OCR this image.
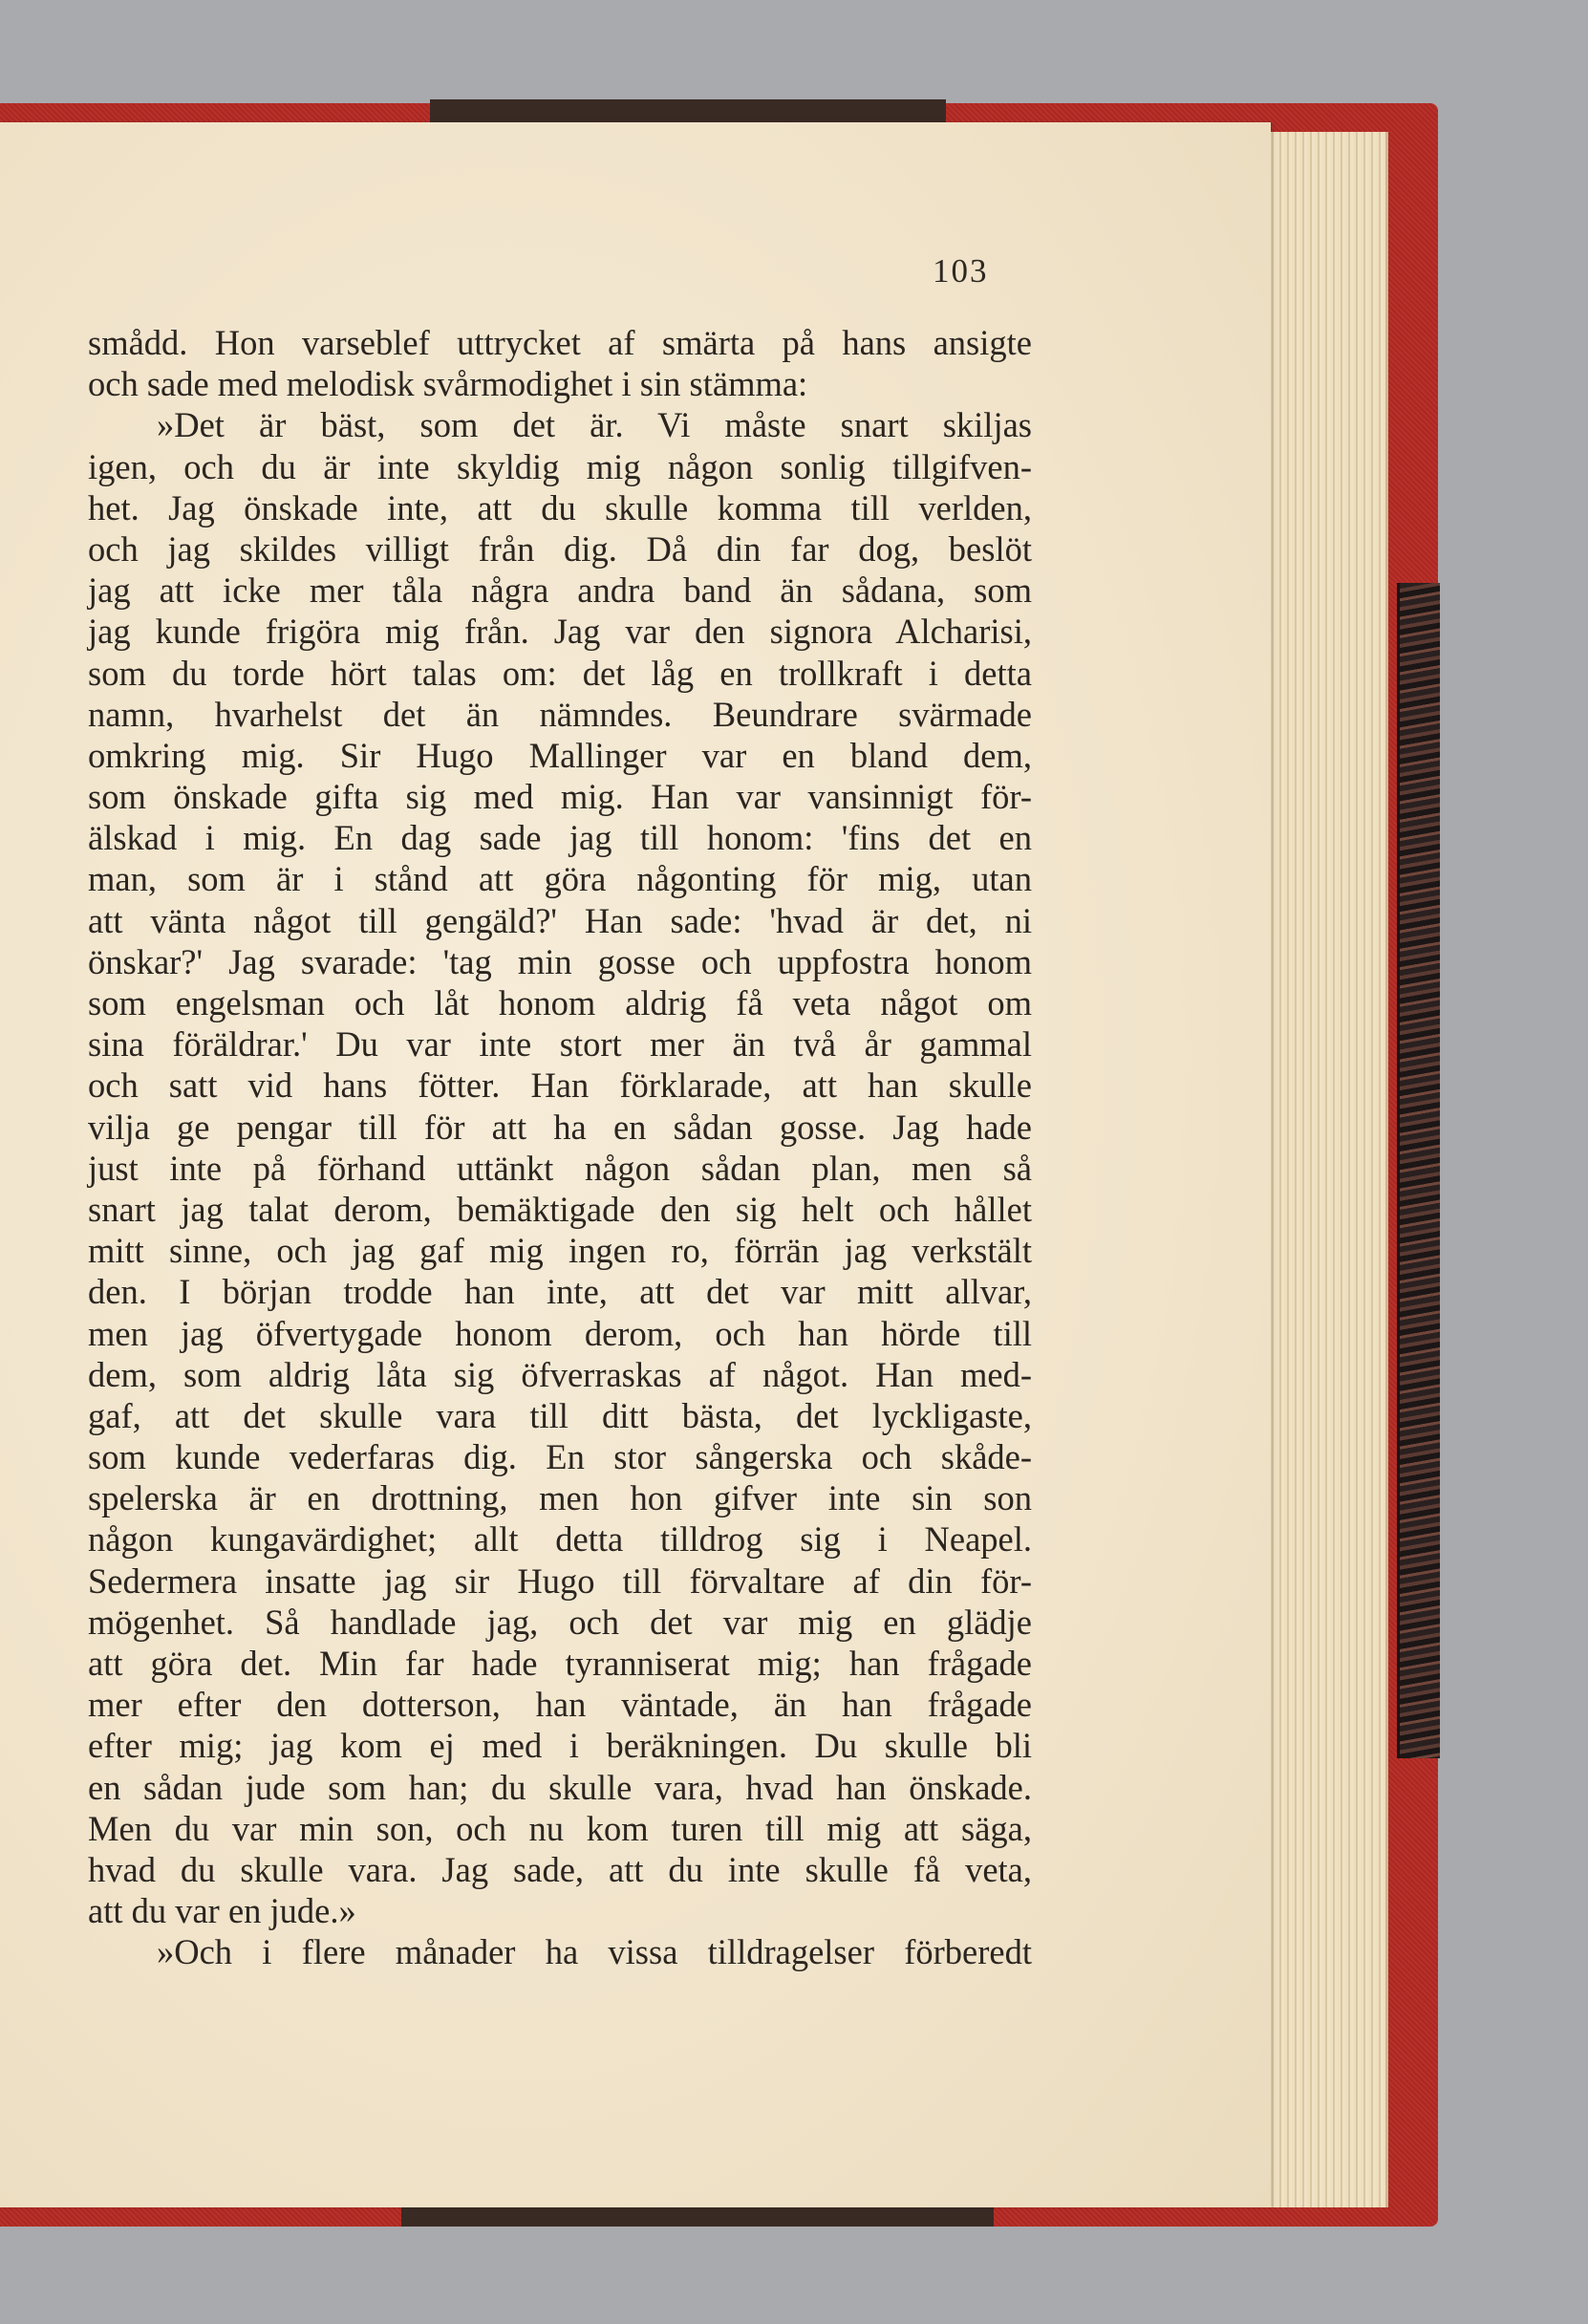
103
smådd. Hon varseblef uttrycket af smärta på hans ansigte
och sade med melodisk svårmodighet i sin stämma:
»Det är bäst, som det är. Vi måste snart skiljas
igen, och du är inte skyldig mig någon sonlig tillgifven-
het. Jag önskade inte, att du skulle komma till verlden,
och jag skildes villigt från dig. Då din far dog, beslöt
jag att icke mer tåla några andra band än sådana, som
jag kunde frigöra mig från. Jag var den signora Alcharisi,
som du torde hört talas om: det låg en trollkraft i detta
namn, hvarhelst det än nämndes. Beundrare svärmade
omkring mig. Sir Hugo Mallinger var en bland dem,
som önskade gifta sig med mig. Han var vansinnigt för-
älskad i mig. En dag sade jag till honom: 'fins det en
man, som är i stånd att göra någonting för mig, utan
att vänta något till gengäld?' Han sade: 'hvad är det, ni
önskar?' Jag svarade: 'tag min gosse och uppfostra honom
som engelsman och låt honom aldrig få veta något om
sina föräldrar.' Du var inte stort mer än två år gammal
och satt vid hans fötter. Han förklarade, att han skulle
vilja ge pengar till för att ha en sådan gosse. Jag hade
just inte på förhand uttänkt någon sådan plan, men så
snart jag talat derom, bemäktigade den sig helt och hållet
mitt sinne, och jag gaf mig ingen ro, förrän jag verkstält
den. I början trodde han inte, att det var mitt allvar,
men jag öfvertygade honom derom, och han hörde till
dem, som aldrig låta sig öfverraskas af något. Han med-
gaf, att det skulle vara till ditt bästa, det lyckligaste,
som kunde vederfaras dig. En stor sångerska och skåde-
spelerska är en drottning, men hon gifver inte sin son
någon kungavärdighet; allt detta tilldrog sig i Neapel.
Sedermera insatte jag sir Hugo till förvaltare af din för-
mögenhet. Så handlade jag, och det var mig en glädje
att göra det. Min far hade tyranniserat mig; han frågade
mer efter den dotterson, han väntade, än han frågade
efter mig; jag kom ej med i beräkningen. Du skulle bli
en sådan jude som han; du skulle vara, hvad han önskade.
Men du var min son, och nu kom turen till mig att säga,
hvad du skulle vara. Jag sade, att du inte skulle få veta,
att du var en jude.»
»Och i flere månader ha vissa tilldragelser förberedt
